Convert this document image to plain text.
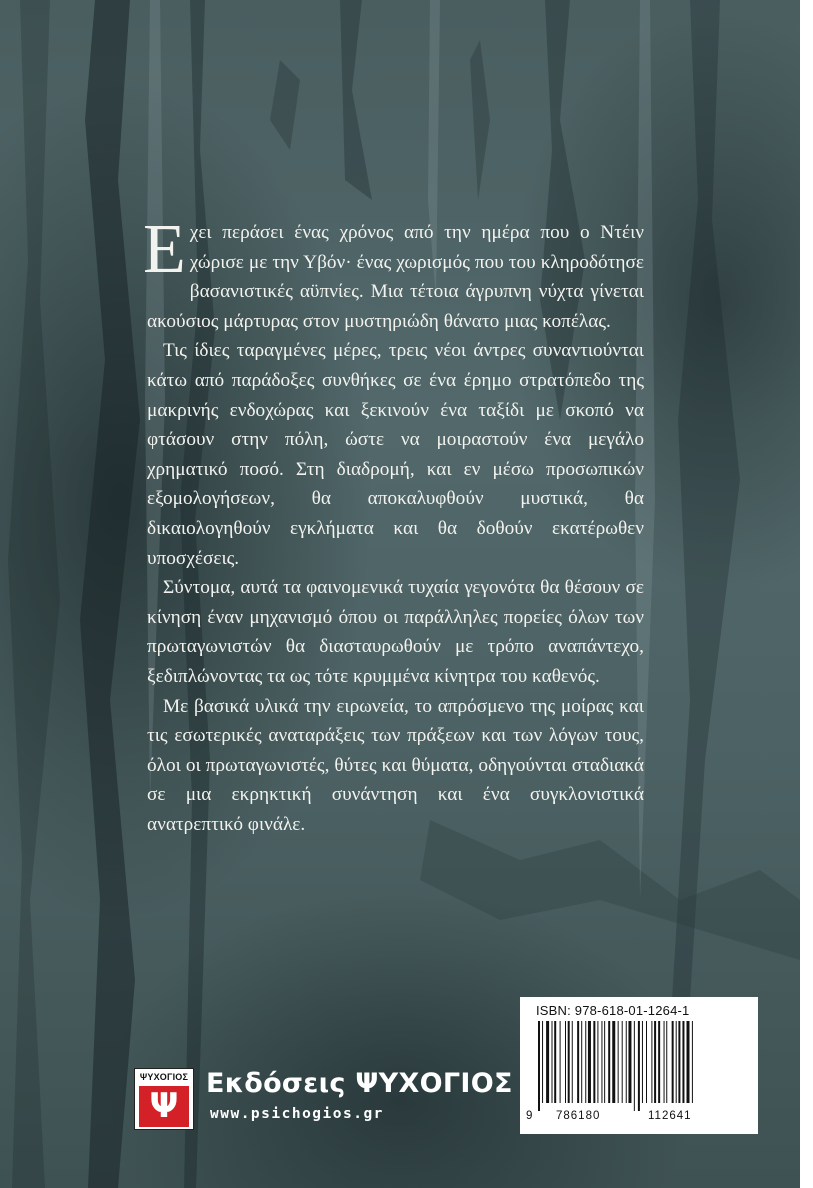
Εχει περάσει ένας χρόνος από την ημέρα που ο Ντέιν χώρισε με την Υβόν· ένας χωρισμός που του κληροδότησε βασανιστικές αϋπνίες. Μια τέτοια άγρυπνη νύχτα γίνεται ακούσιος μάρτυρας στον μυστηριώδη θάνατο μιας κοπέλας.

Τις ίδιες ταραγμένες μέρες, τρεις νέοι άντρες συναντιούνται κάτω από παράδοξες συνθήκες σε ένα έρημο στρατόπεδο της μακρινής ενδοχώρας και ξεκινούν ένα ταξίδι με σκοπό να φτάσουν στην πόλη, ώστε να μοιραστούν ένα μεγάλο χρηματικό ποσό. Στη διαδρομή, και εν μέσω προσωπικών εξομολογήσεων, θα αποκαλυφθούν μυστικά, θα δικαιολογηθούν εγκλήματα και θα δοθούν εκατέρωθεν υποσχέσεις.

Σύντομα, αυτά τα φαινομενικά τυχαία γεγονότα θα θέσουν σε κίνηση έναν μηχανισμό όπου οι παράλληλες πορείες όλων των πρωταγωνιστών θα διασταυρωθούν με τρόπο αναπάντεχο, ξεδιπλώνοντας τα ως τότε κρυμμένα κίνητρα του καθενός.

Με βασικά υλικά την ειρωνεία, το απρόσμενο της μοίρας και τις εσωτερικές αναταράξεις των πράξεων και των λόγων τους, όλοι οι πρωταγωνιστές, θύτες και θύματα, οδηγούνται σταδιακά σε μια εκρηκτική συνάντηση και ένα συγκλονιστικά ανατρεπτικό φινάλε.

ΨΥΧΟΓΙΟΣ
Ψ
Εκδόσεις ΨΥΧΟΓΙΟΣ
www.psichogios.gr
ISBN: 978-618-01-1264-1
9 786180	112641	ΚΩΔ. ΜΗΧ/ΣΗΣ: 17200
